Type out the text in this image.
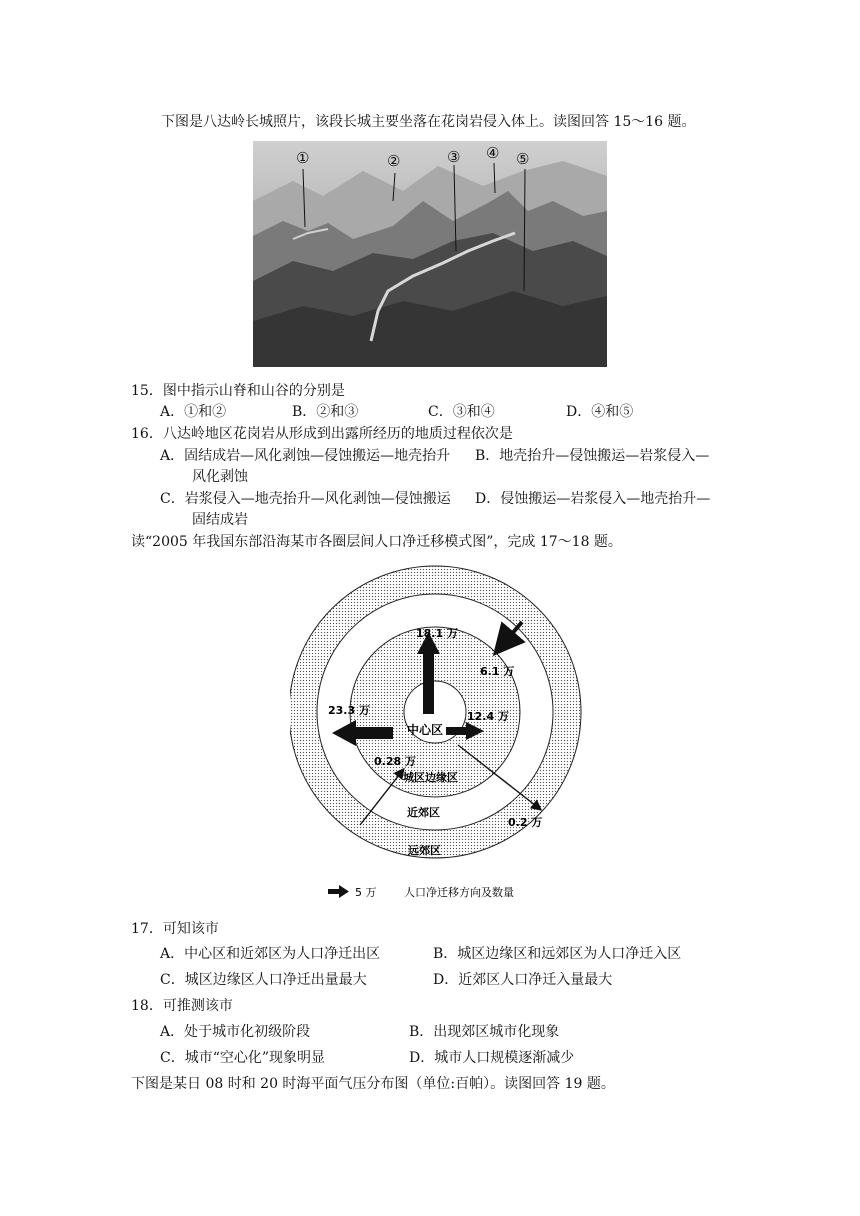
下图是八达岭长城照片，该段长城主要坐落在花岗岩侵入体上。读图回答 15～16 题。
①	②	③ ④ ⑤
15．图中指示山脊和山谷的分别是
A．①和②	B．②和③	C．③和④	D．④和⑤
16．八达岭地区花岗岩从形成到出露所经历的地质过程依次是
A．固结成岩—风化剥蚀—侵蚀搬运—地壳抬升 B．地壳抬升—侵蚀搬运—岩浆侵入—
风化剥蚀
C．岩浆侵入—地壳抬升—风化剥蚀—侵蚀搬运 D．侵蚀搬运—岩浆侵入—地壳抬升—
固结成岩
读“2005 年我国东部沿海某市各圈层间人口净迁移模式图”，完成 17～18 题。
18.1 万
6.1 万
23.3 万	12.4 万
0.28 万
0.2 万
中心区
城区边缘区
近郊区
远郊区
5 万	人口净迁移方向及数量
17．可知该市
A．中心区和近郊区为人口净迁出区	B．城区边缘区和远郊区为人口净迁入区
C．城区边缘区人口净迁出量最大	D．近郊区人口净迁入量最大
18．可推测该市
A．处于城市化初级阶段	B．出现郊区城市化现象
C．城市“空心化”现象明显	D．城市人口规模逐渐减少
下图是某日 08 时和 20 时海平面气压分布图（单位:百帕）。读图回答 19 题。
